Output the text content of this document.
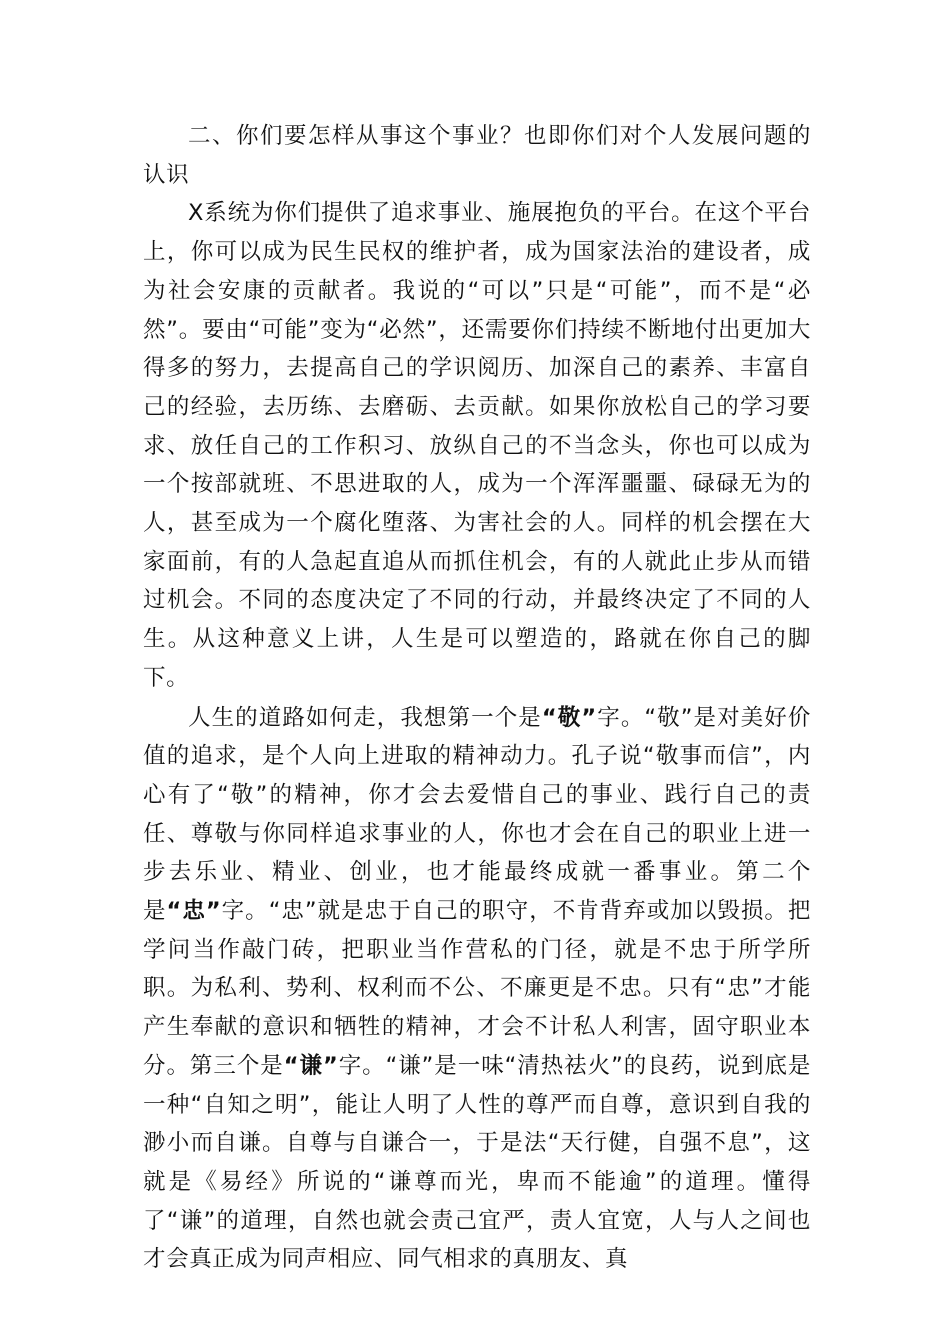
二、你们要怎样从事这个事业？也即你们对个人发展问题的认识

X系统为你们提供了追求事业、施展抱负的平台。在这个平台上，你可以成为民生民权的维护者，成为国家法治的建设者，成为社会安康的贡献者。我说的“可以”只是“可能”，而不是“必然”。要由“可能”变为“必然”，还需要你们持续不断地付出更加大得多的努力，去提高自己的学识阅历、加深自己的素养、丰富自己的经验，去历练、去磨砺、去贡献。如果你放松自己的学习要求、放任自己的工作积习、放纵自己的不当念头，你也可以成为一个按部就班、不思进取的人，成为一个浑浑噩噩、碌碌无为的人，甚至成为一个腐化堕落、为害社会的人。同样的机会摆在大家面前，有的人急起直追从而抓住机会，有的人就此止步从而错过机会。不同的态度决定了不同的行动，并最终决定了不同的人生。从这种意义上讲，人生是可以塑造的，路就在你自己的脚下。

人生的道路如何走，我想第一个是“敬”字。“敬”是对美好价值的追求，是个人向上进取的精神动力。孔子说“敬事而信”，内心有了“敬”的精神，你才会去爱惜自己的事业、践行自己的责任、尊敬与你同样追求事业的人，你也才会在自己的职业上进一步去乐业、精业、创业，也才能最终成就一番事业。第二个是“忠”字。“忠”就是忠于自己的职守，不肯背弃或加以毁损。把学问当作敲门砖，把职业当作营私的门径，就是不忠于所学所职。为私利、势利、权利而不公、不廉更是不忠。只有“忠”才能产生奉献的意识和牺牲的精神，才会不计私人利害，固守职业本分。第三个是“谦”字。“谦”是一味“清热祛火”的良药，说到底是一种“自知之明”，能让人明了人性的尊严而自尊，意识到自我的渺小而自谦。自尊与自谦合一，于是法“天行健，自强不息”，这就是《易经》所说的“谦尊而光，卑而不能逾”的道理。懂得了“谦”的道理，自然也就会责己宜严，责人宜宽，人与人之间也才会真正成为同声相应、同气相求的真朋友、真
